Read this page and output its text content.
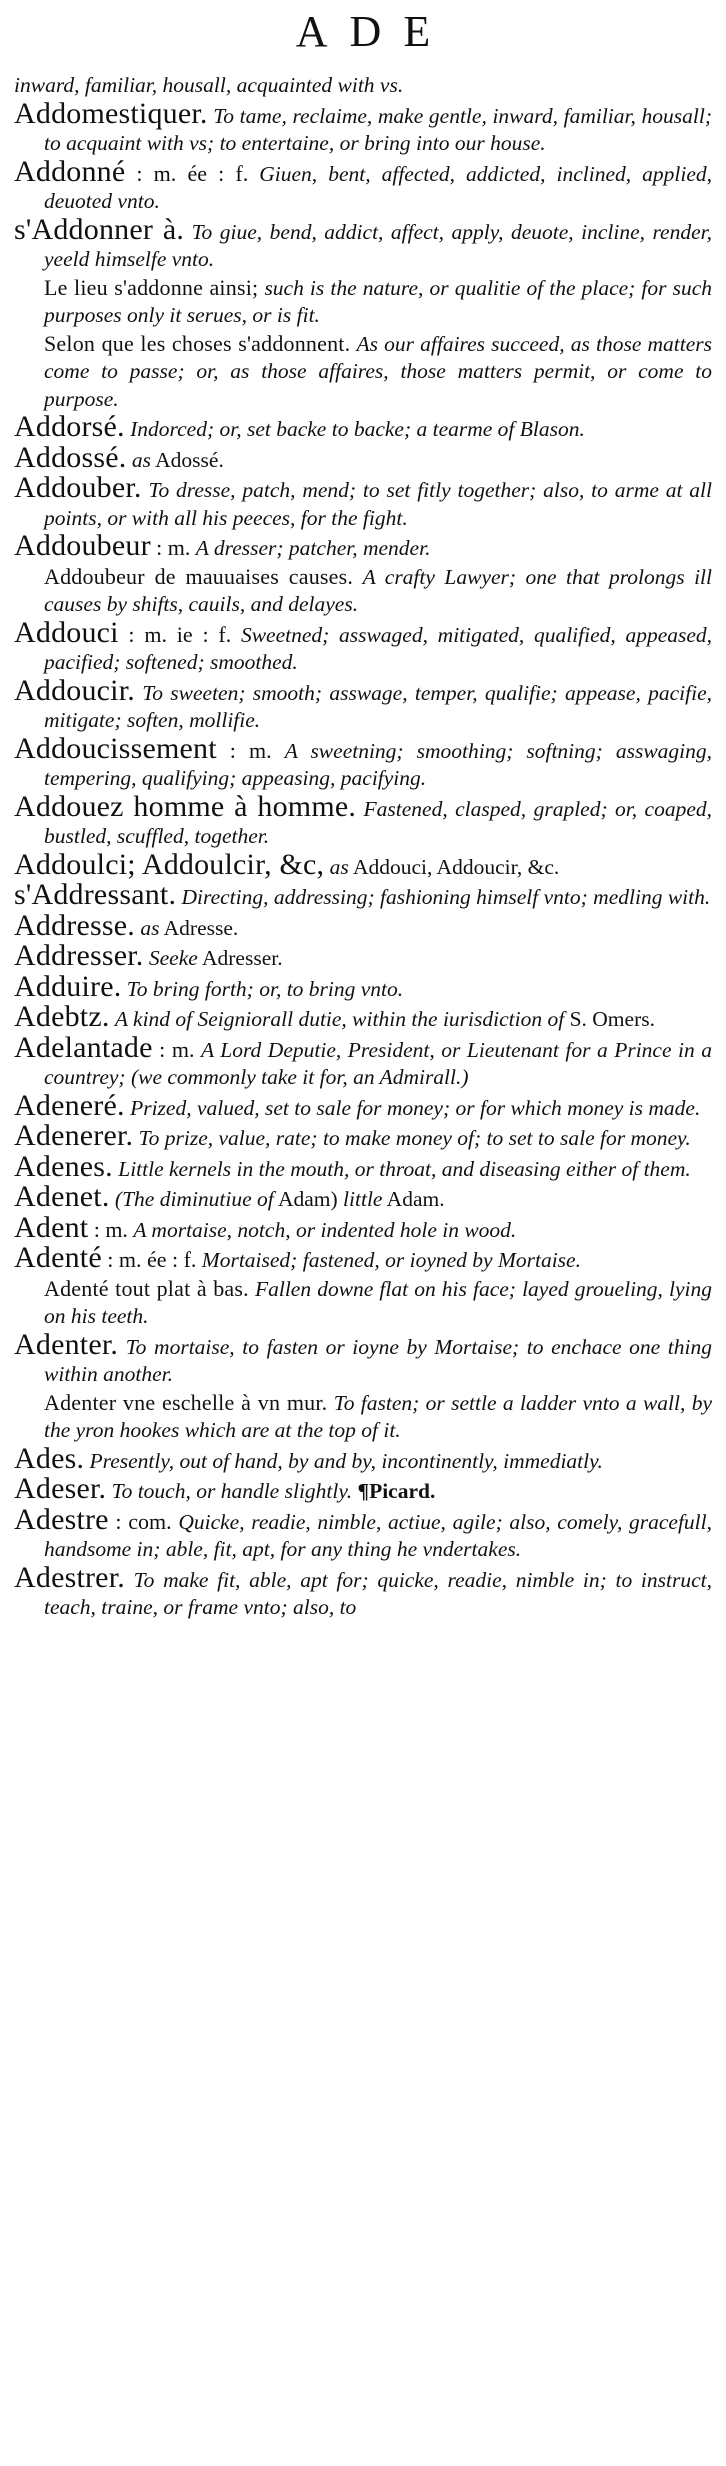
ADE

inward, familiar, housall, acquainted with vs.

Addomestiquer. To tame, reclaime, make gentle, inward, familiar, housall; to acquaint with vs; to entertaine, or bring into our house.

Addonné : m. ée : f. Giuen, bent, affected, addicted, inclined, applied, deuoted vnto.

s'Addonner à. To giue, bend, addict, affect, apply, deuote, incline, render, yeeld himselfe vnto.

Le lieu s'addonne ainsi; such is the nature, or qualitie of the place; for such purposes only it serues, or is fit.

Selon que les choses s'addonnent. As our affaires succeed, as those matters come to passe; or, as those affaires, those matters permit, or come to purpose.

Addorsé. Indorced; or, set backe to backe; a tearme of Blason.

Addossé. as Adossé.

Addouber. To dresse, patch, mend; to set fitly together; also, to arme at all points, or with all his peeces, for the fight.

Addoubeur : m. A dresser; patcher, mender.

Addoubeur de mauuaises causes. A crafty Lawyer; one that prolongs ill causes by shifts, cauils, and delayes.

Addouci : m. ie : f. Sweetned; asswaged, mitigated, qualified, appeased, pacified; softened; smoothed.

Addoucir. To sweeten; smooth; asswage, temper, qualifie; appease, pacifie, mitigate; soften, mollifie.

Addoucissement : m. A sweetning; smoothing; softning; asswaging, tempering, qualifying; appeasing, pacifying.

Addouez homme à homme. Fastened, clasped, grapled; or, coaped, bustled, scuffled, together.

Addoulci; Addoulcir, &c, as Addouci, Addoucir, &c.

s'Addressant. Directing, addressing; fashioning himself vnto; medling with.

Addresse. as Adresse.

Addresser. Seeke Adresser.

Adduire. To bring forth; or, to bring vnto.

Adebtz. A kind of Seigniorall dutie, within the iurisdiction of S. Omers.

Adelantade : m. A Lord Deputie, President, or Lieutenant for a Prince in a countrey; (we commonly take it for, an Admirall.)

Adeneré. Prized, valued, set to sale for money; or for which money is made.

Adenerer. To prize, value, rate; to make money of; to set to sale for money.

Adenes. Little kernels in the mouth, or throat, and diseasing either of them.

Adenet. (The diminutiue of Adam) little Adam.

Adent : m. A mortaise, notch, or indented hole in wood.

Adenté : m. ée : f. Mortaised; fastened, or ioyned by Mortaise.

Adenté tout plat à bas. Fallen downe flat on his face; layed groueling, lying on his teeth.

Adenter. To mortaise, to fasten or ioyne by Mortaise; to enchace one thing within another.

Adenter vne eschelle à vn mur. To fasten; or settle a ladder vnto a wall, by the yron hookes which are at the top of it.

Ades. Presently, out of hand, by and by, incontinently, immediatly.

Adeser. To touch, or handle slightly. ¶Picard.

Adestre : com. Quicke, readie, nimble, actiue, agile; also, comely, gracefull, handsome in; able, fit, apt, for any thing he vndertakes.

Adestrer. To make fit, able, apt for; quicke, readie, nimble in; to instruct, teach, traine, or frame vnto; also, to
